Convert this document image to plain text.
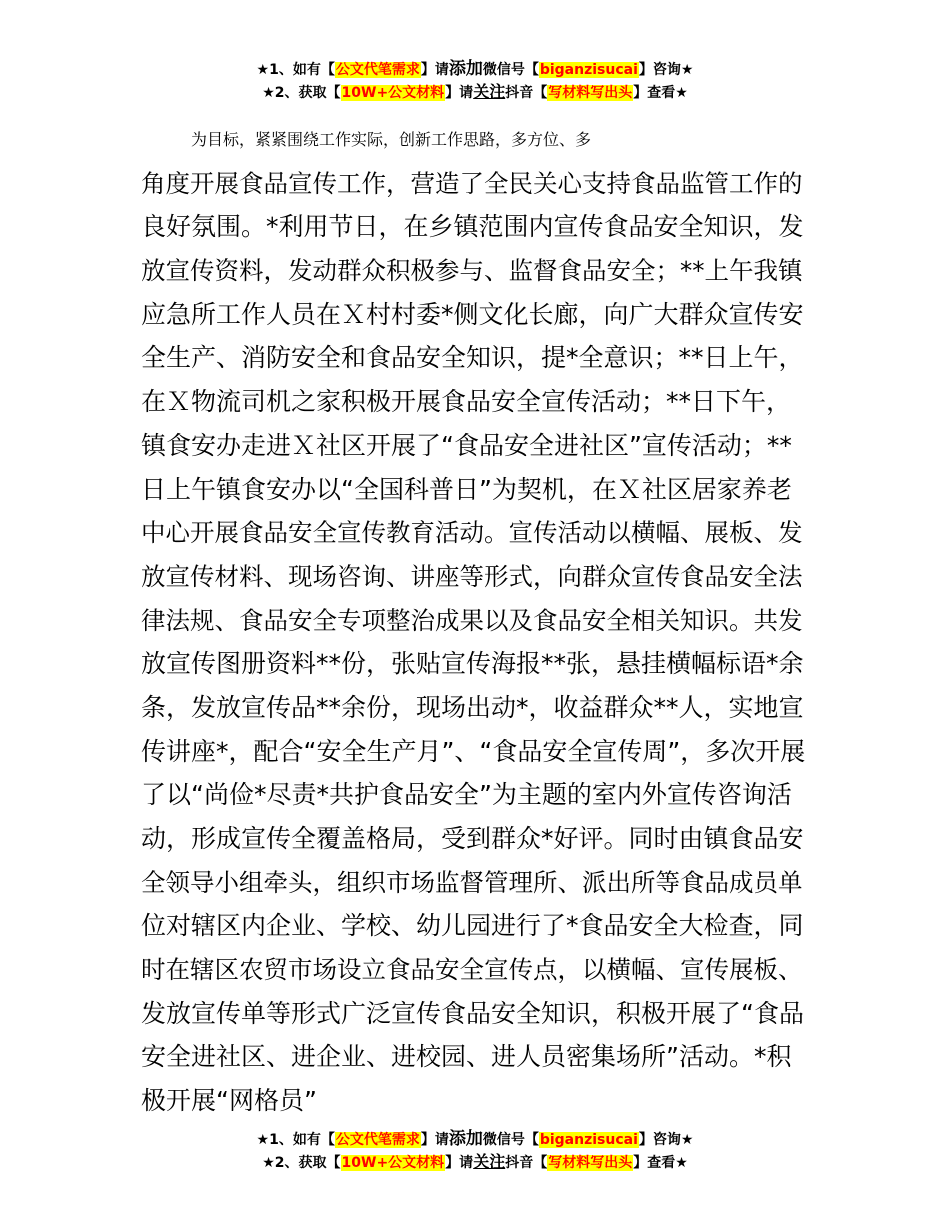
★1、如有【公文代笔需求】请添加微信号【biganzisucai】咨询★
★2、获取【10W+公文材料】请关注抖音【写材料写出头】查看★
为目标，紧紧围绕工作实际，创新工作思路，多方位、多
角度开展食品宣传工作，营造了全民关心支持食品监管工作的
良好氛围。*利用节日，在乡镇范围内宣传食品安全知识，发
放宣传资料，发动群众积极参与、监督食品安全；**上午我镇
应急所工作人员在Ｘ村村委*侧文化长廊，向广大群众宣传安
全生产、消防安全和食品安全知识，提*全意识；**日上午，
在Ｘ物流司机之家积极开展食品安全宣传活动；**日下午，
镇食安办走进Ｘ社区开展了“食品安全进社区”宣传活动；**
日上午镇食安办以“全国科普日”为契机，在Ｘ社区居家养老
中心开展食品安全宣传教育活动。宣传活动以横幅、展板、发
放宣传材料、现场咨询、讲座等形式，向群众宣传食品安全法
律法规、食品安全专项整治成果以及食品安全相关知识。共发
放宣传图册资料**份，张贴宣传海报**张，悬挂横幅标语*余
条，发放宣传品**余份，现场出动*，收益群众**人，实地宣
传讲座*，配合“安全生产月”、“食品安全宣传周”，多次开展
了以“尚俭*尽责*共护食品安全”为主题的室内外宣传咨询活
动，形成宣传全覆盖格局，受到群众*好评。同时由镇食品安
全领导小组牵头，组织市场监督管理所、派出所等食品成员单
位对辖区内企业、学校、幼儿园进行了*食品安全大检查，同
时在辖区农贸市场设立食品安全宣传点，以横幅、宣传展板、
发放宣传单等形式广泛宣传食品安全知识，积极开展了“食品
安全进社区、进企业、进校园、进人员密集场所”活动。*积
极开展“网格员”
★1、如有【公文代笔需求】请添加微信号【biganzisucai】咨询★
★2、获取【10W+公文材料】请关注抖音【写材料写出头】查看★
